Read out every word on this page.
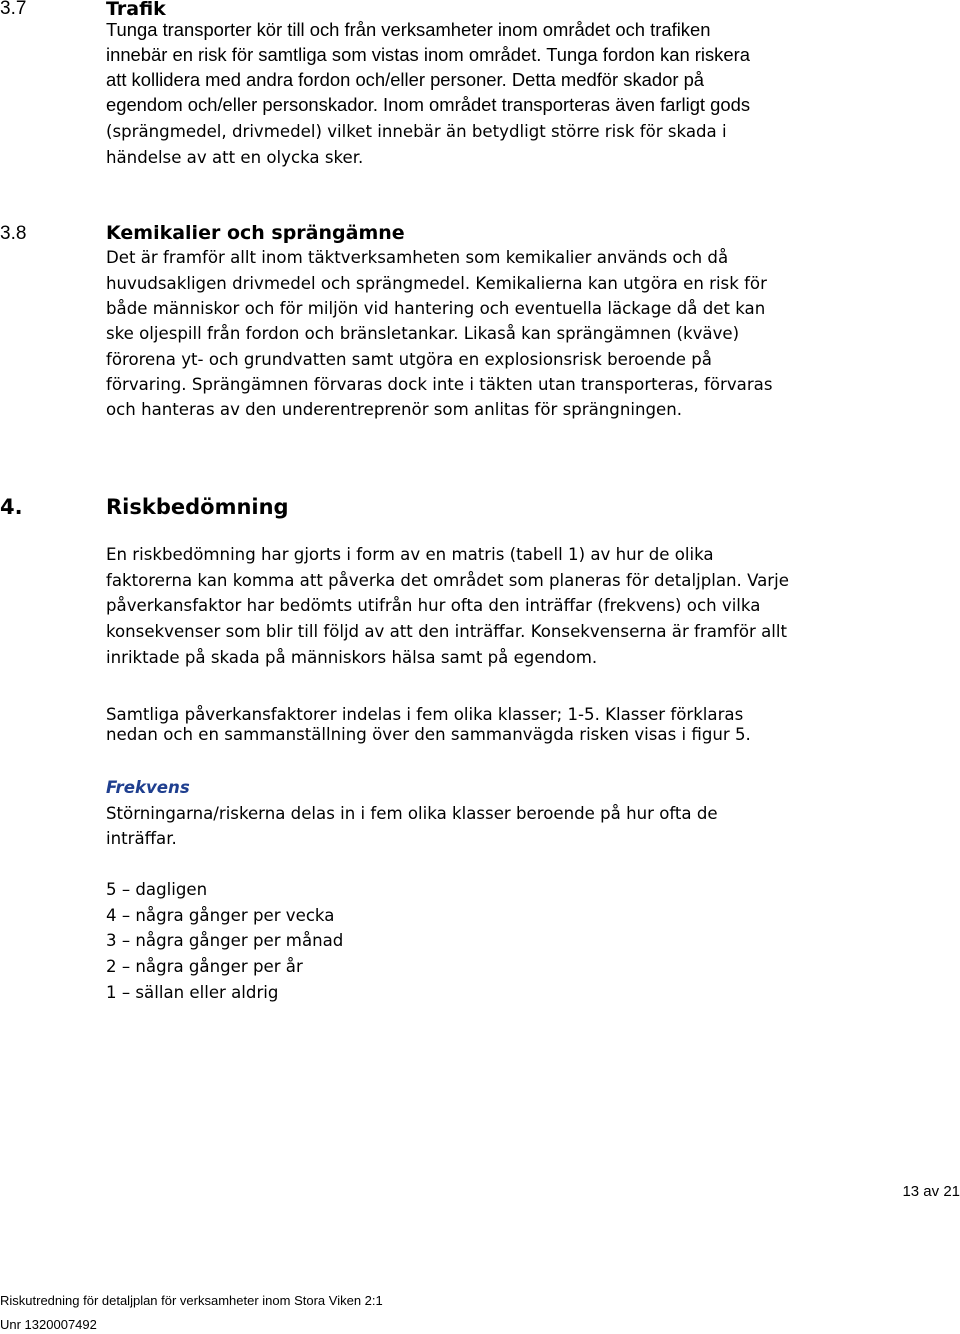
3.7	Trafik
Tunga transporter kör till och från verksamheter inom området och trafiken
innebär en risk för samtliga som vistas inom området. Tunga fordon kan riskera
att kollidera med andra fordon och/eller personer. Detta medför skador på
egendom och/eller personskador. Inom området transporteras även farligt gods
(sprängmedel, drivmedel) vilket innebär än betydligt större risk för skada i
händelse av att en olycka sker.
3.8	Kemikalier och sprängämne
Det är framför allt inom täktverksamheten som kemikalier används och då
huvudsakligen drivmedel och sprängmedel. Kemikalierna kan utgöra en risk för
både människor och för miljön vid hantering och eventuella läckage då det kan
ske oljespill från fordon och bränsletankar. Likaså kan sprängämnen (kväve)
förorena yt- och grundvatten samt utgöra en explosionsrisk beroende på
förvaring. Sprängämnen förvaras dock inte i täkten utan transporteras, förvaras
och hanteras av den underentreprenör som anlitas för sprängningen.
4.	Riskbedömning
En riskbedömning har gjorts i form av en matris (tabell 1) av hur de olika
faktorerna kan komma att påverka det området som planeras för detaljplan. Varje
påverkansfaktor har bedömts utifrån hur ofta den inträffar (frekvens) och vilka
konsekvenser som blir till följd av att den inträffar. Konsekvenserna är framför allt
inriktade på skada på människors hälsa samt på egendom.
Samtliga påverkansfaktorer indelas i fem olika klasser; 1-5. Klasser förklaras
nedan och en sammanställning över den sammanvägda risken visas i figur 5.
Frekvens
Störningarna/riskerna delas in i fem olika klasser beroende på hur ofta de
inträffar.
5 – dagligen
4 – några gånger per vecka
3 – några gånger per månad
2 – några gånger per år
1 – sällan eller aldrig
13 av 21
Riskutredning för detaljplan för verksamheter inom Stora Viken 2:1
Unr 1320007492
